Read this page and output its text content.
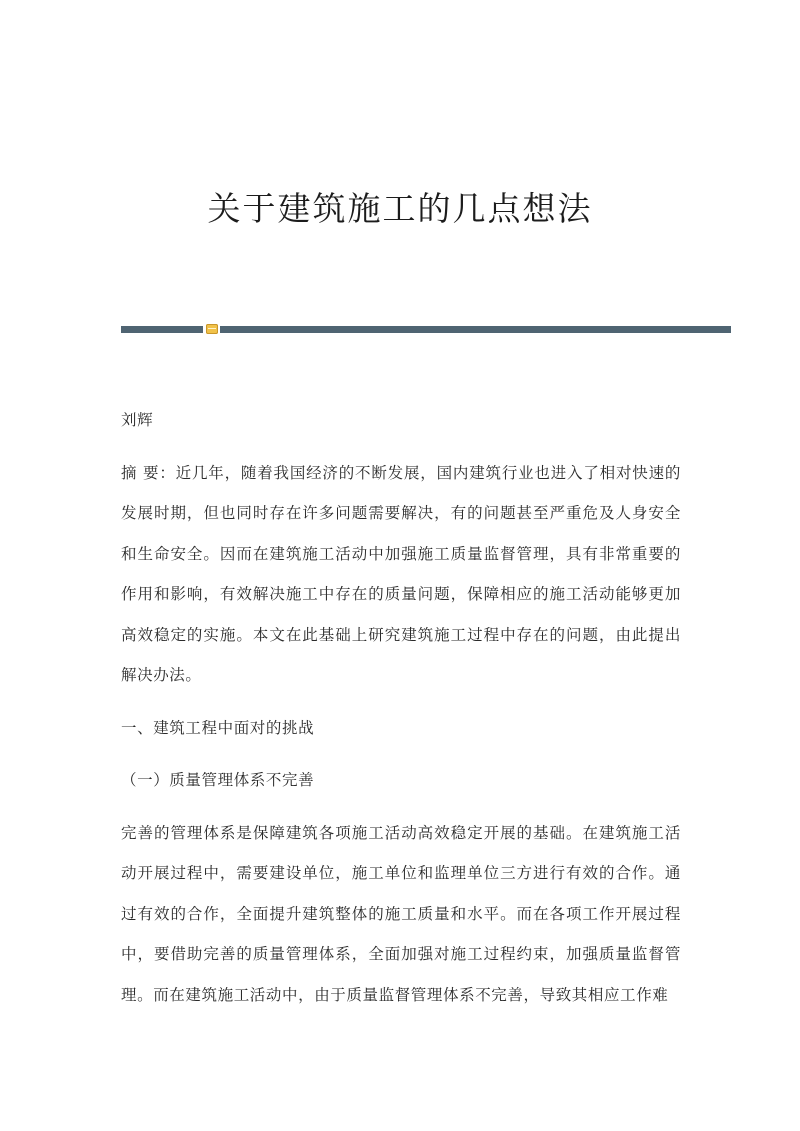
关于建筑施工的几点想法

刘辉

摘 要：近几年，随着我国经济的不断发展，国内建筑行业也进入了相对快速的发展时期，但也同时存在许多问题需要解决，有的问题甚至严重危及人身安全和生命安全。因而在建筑施工活动中加强施工质量监督管理，具有非常重要的作用和影响，有效解决施工中存在的质量问题，保障相应的施工活动能够更加高效稳定的实施。本文在此基础上研究建筑施工过程中存在的问题，由此提出解决办法。

一、建筑工程中面对的挑战

（一）质量管理体系不完善

完善的管理体系是保障建筑各项施工活动高效稳定开展的基础。在建筑施工活动开展过程中，需要建设单位，施工单位和监理单位三方进行有效的合作。通过有效的合作，全面提升建筑整体的施工质量和水平。而在各项工作开展过程中，要借助完善的质量管理体系，全面加强对施工过程约束，加强质量监督管理。而在建筑施工活动中，由于质量监督管理体系不完善，导致其相应工作难
